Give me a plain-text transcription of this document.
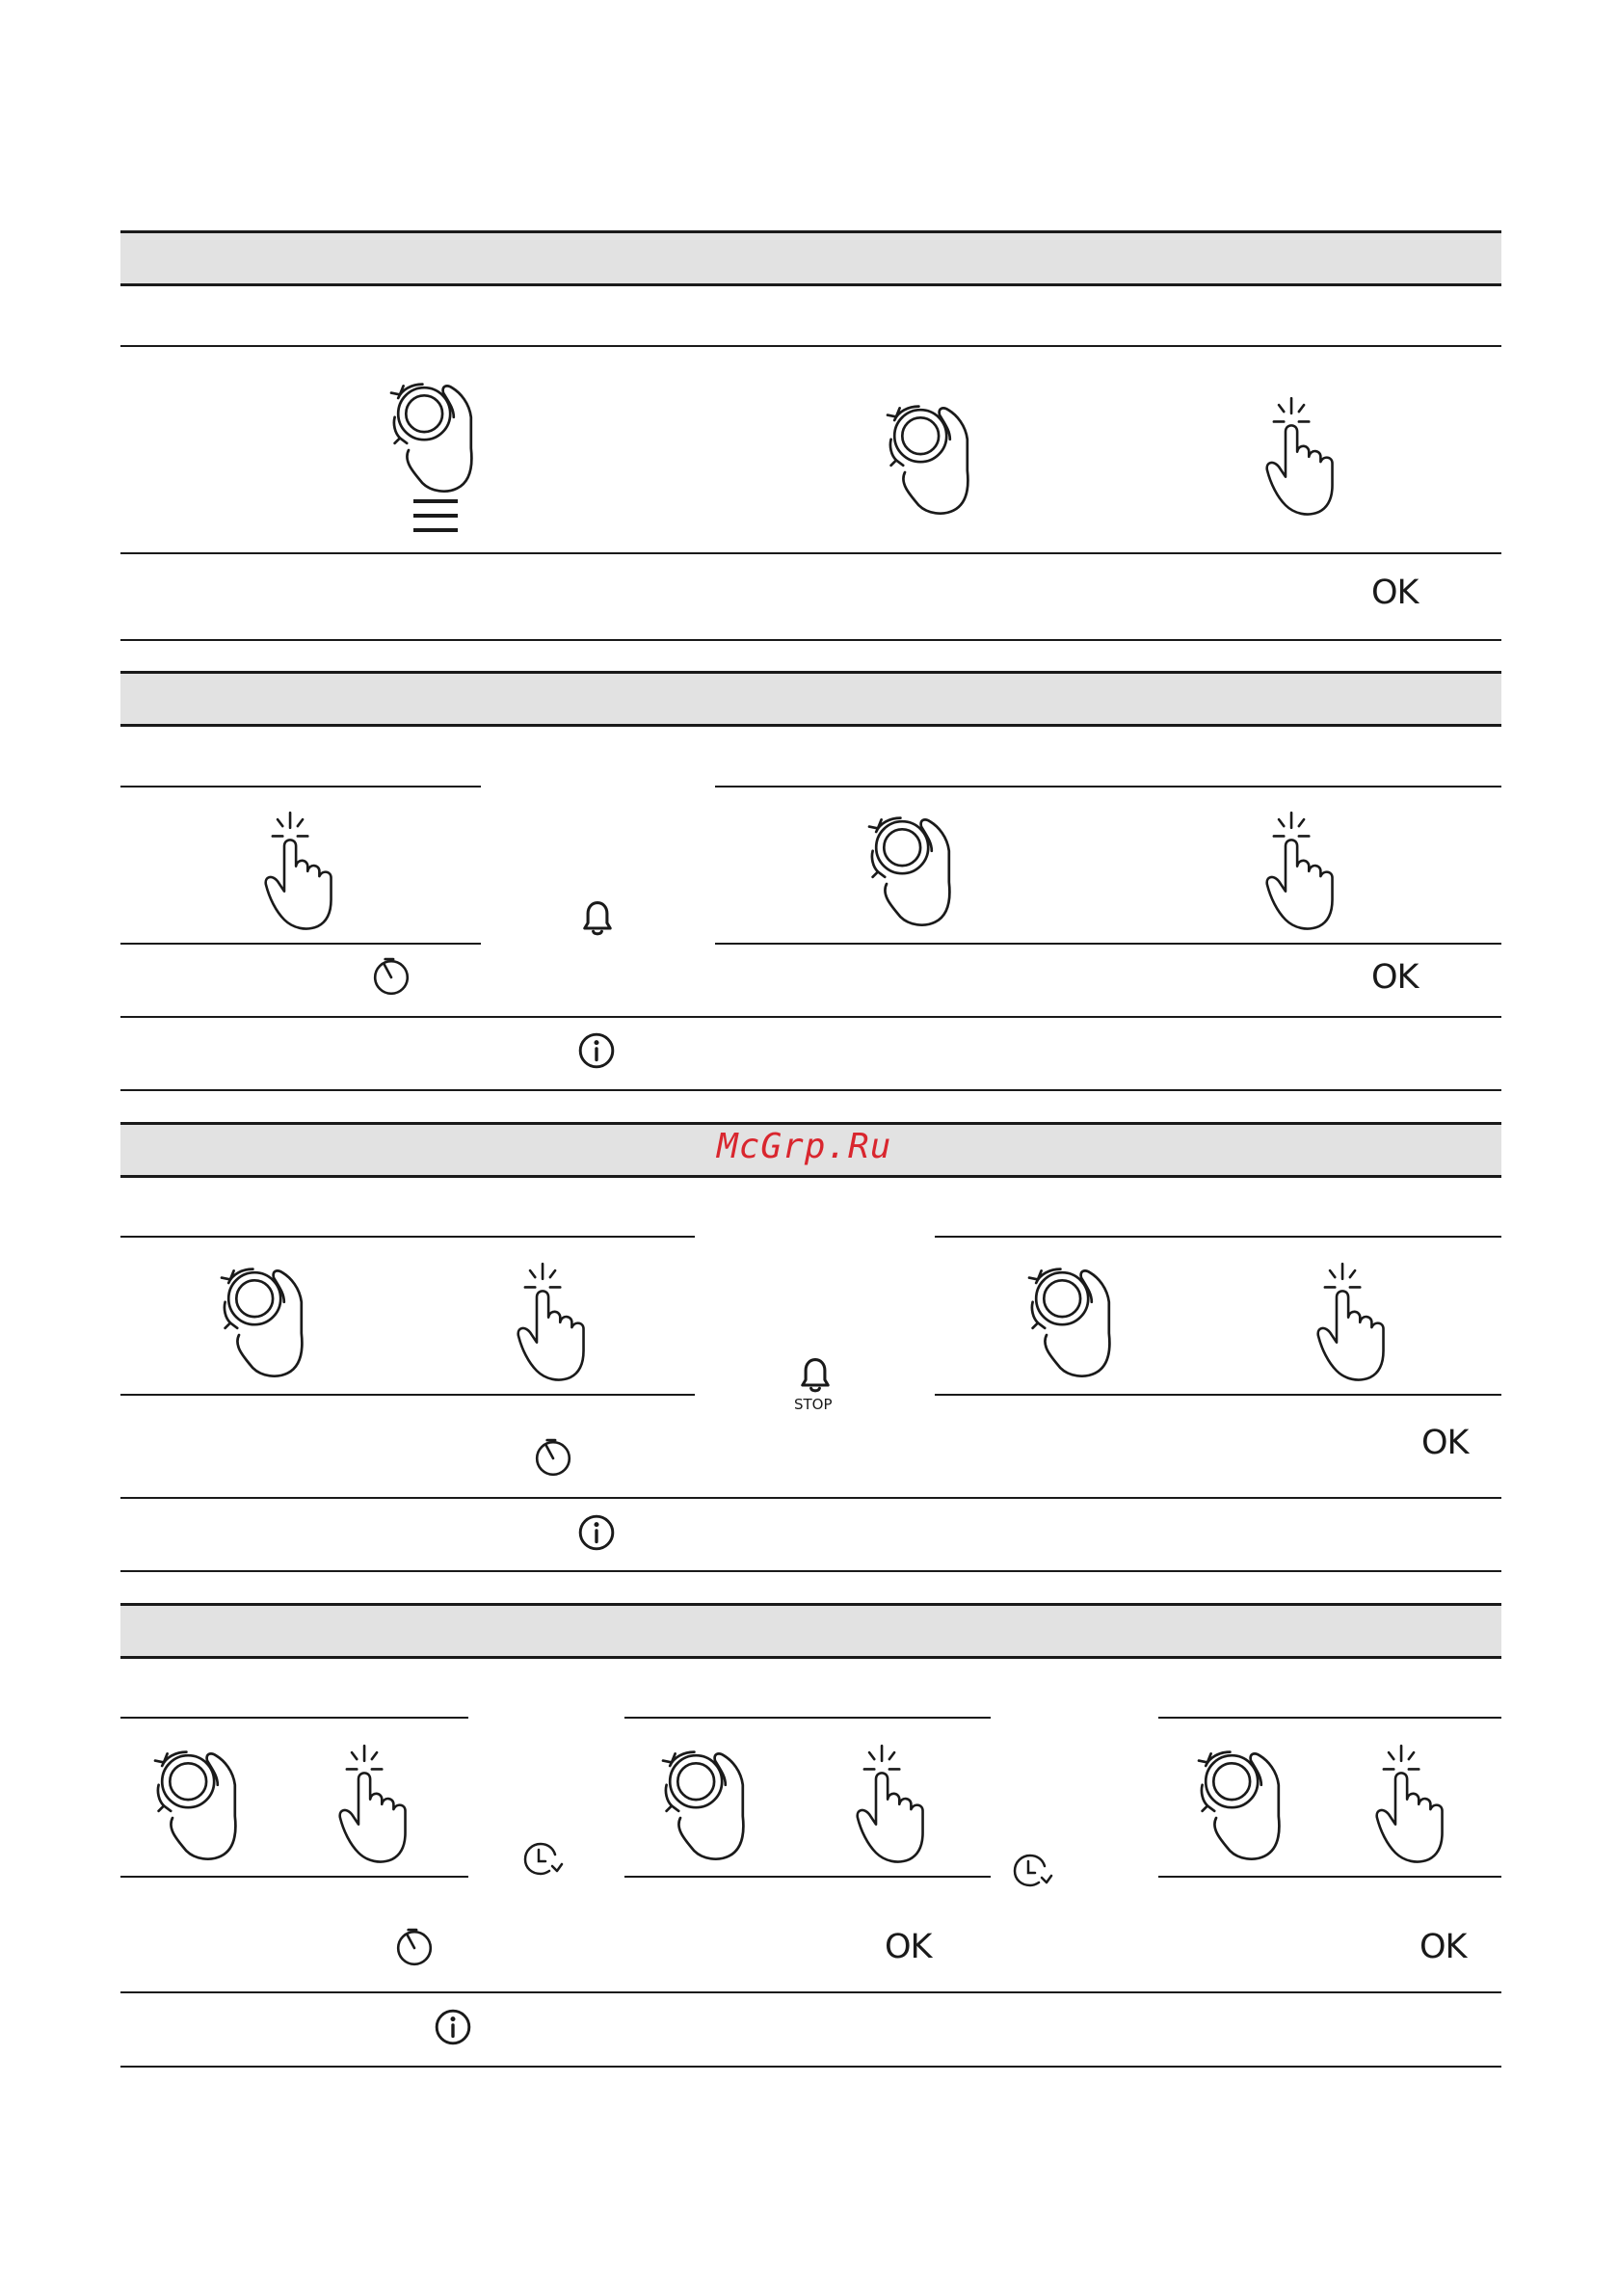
OK
OK
McGrp.Ru
STOP
OK
OK	OK
